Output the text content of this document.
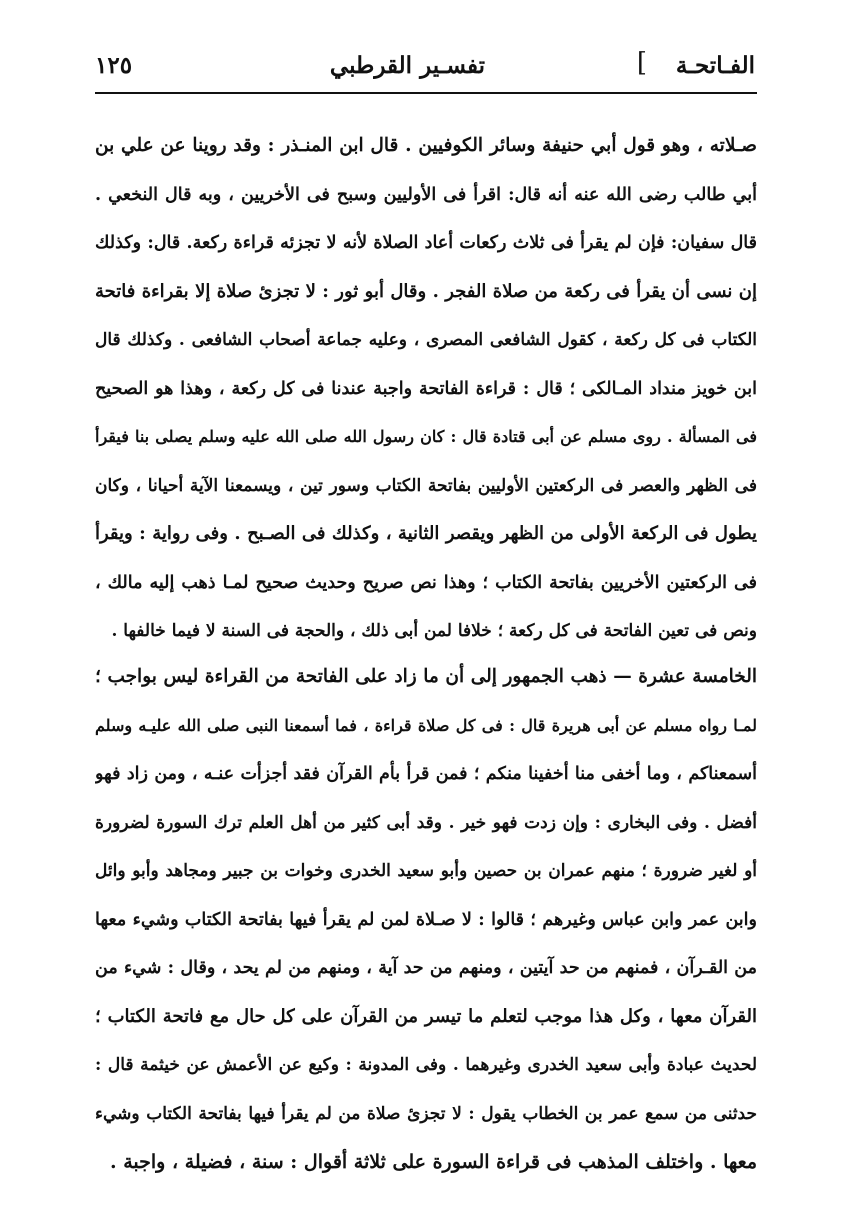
الفـاتحـة
]
تفسـير القرطبي
١٢٥
صـلاته ، وهو قول أبي حنيفة وسائر الكوفيين . قال ابن المنـذر : وقد روينا عن علي بن
أبي طالب رضى الله عنه أنه قال: اقرأ فى الأوليين وسبح فى الأخريين ، وبه قال النخعي .
قال سفيان: فإن لم يقرأ فى ثلاث ركعات أعاد الصلاة لأنه لا تجزئه قراءة ركعة. قال: وكذلك
إن نسى أن يقرأ فى ركعة من صلاة الفجر . وقال أبو ثور : لا تجزئ صلاة إلا بقراءة فاتحة
الكتاب فى كل ركعة ، كقول الشافعى المصرى ، وعليه جماعة أصحاب الشافعى . وكذلك قال
ابن خويز منداد المـالكى ؛ قال : قراءة الفاتحة واجبة عندنا فى كل ركعة ، وهذا هو الصحيح
فى المسألة . روى مسلم عن أبى قتادة قال : كان رسول الله صلى الله عليه وسلم يصلى بنا فيقرأ
فى الظهر والعصر فى الركعتين الأوليين بفاتحة الكتاب وسور تين ، ويسمعنا الآية أحيانا ، وكان
يطول فى الركعة الأولى من الظهر ويقصر الثانية ، وكذلك فى الصـبح . وفى رواية : ويقرأ
فى الركعتين الأخريين بفاتحة الكتاب ؛ وهذا نص صريح وحديث صحيح لمـا ذهب إليه مالك ،
ونص فى تعين الفاتحة فى كل ركعة ؛ خلافا لمن أبى ذلك ، والحجة فى السنة لا فيما خالفها .
الخامسة عشرة — ذهب الجمهور إلى أن ما زاد على الفاتحة من القراءة ليس بواجب ؛
لمـا رواه مسلم عن أبى هريرة قال : فى كل صلاة قراءة ، فما أسمعنا النبى صلى الله عليـه وسلم
أسمعناكم ، وما أخفى منا أخفينا منكم ؛ فمن قرأ بأم القرآن فقد أجزأت عنـه ، ومن زاد فهو
أفضل . وفى البخارى : وإن زدت فهو خير . وقد أبى كثير من أهل العلم ترك السورة لضرورة
أو لغير ضرورة ؛ منهم عمران بن حصين وأبو سعيد الخدرى وخوات بن جبير ومجاهد وأبو وائل
وابن عمر وابن عباس وغيرهم ؛ قالوا : لا صـلاة لمن لم يقرأ فيها بفاتحة الكتاب وشيء معها
من القـرآن ، فمنهم من حد آيتين ، ومنهم من حد آية ، ومنهم من لم يحد ، وقال : شيء من
القرآن معها ، وكل هذا موجب لتعلم ما تيسر من القرآن على كل حال مع فاتحة الكتاب ؛
لحديث عبادة وأبى سعيد الخدرى وغيرهما . وفى المدونة : وكيع عن الأعمش عن خيثمة قال :
حدثنى من سمع عمر بن الخطاب يقول : لا تجزئ صلاة من لم يقرأ فيها بفاتحة الكتاب وشيء
معها . واختلف المذهب فى قراءة السورة على ثلاثة أقوال : سنة ، فضيلة ، واجبة .
